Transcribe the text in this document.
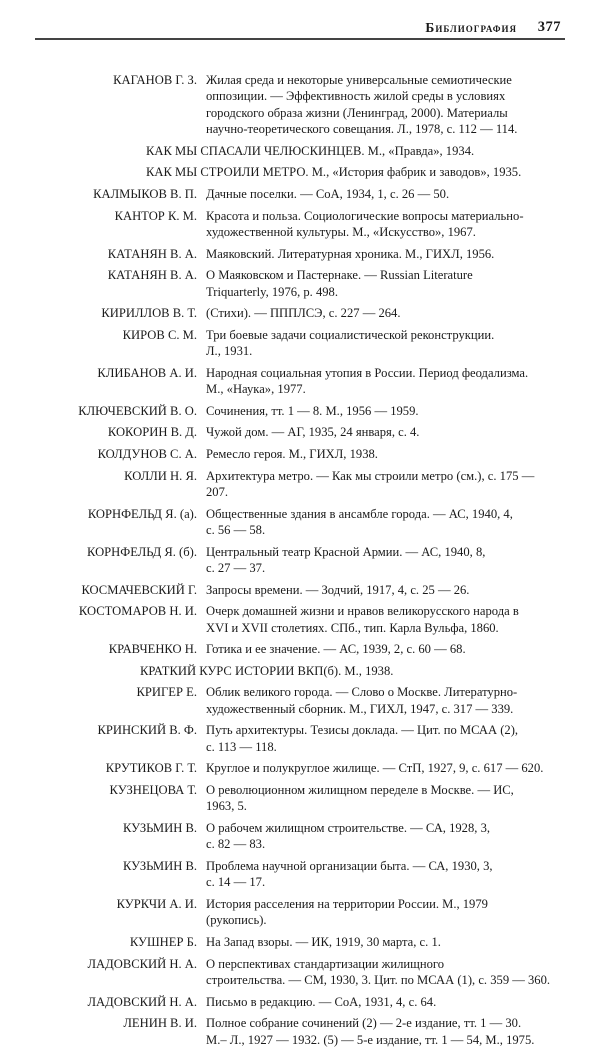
Библиография 377
КАГАНОВ Г. З. Жилая среда и некоторые универсальные семиотические
оппозиции. — Эффективность жилой среды в условиях
городского образа жизни (Ленинград, 2000). Материалы
научно-теоретического совещания. Л., 1978, с. 112 — 114.
КАК МЫ СПАСАЛИ ЧЕЛЮСКИНЦЕВ. М., «Правда», 1934.
КАК МЫ СТРОИЛИ МЕТРО. М., «История фабрик и заводов», 1935.
КАЛМЫКОВ В. П. Дачные поселки. — СоА, 1934, 1, с. 26 — 50.
КАНТОР К. М. Красота и польза. Социологические вопросы материально-
художественной культуры. М., «Искусство», 1967.
КАТАНЯН В. А. Маяковский. Литературная хроника. М., ГИХЛ, 1956.
КАТАНЯН В. А. О Маяковском и Пастернаке. — Russian Literature
Triquarterly, 1976, p. 498.
КИРИЛЛОВ В. Т. (Стихи). — ПППЛСЭ, с. 227 — 264.
КИРОВ С. М. Три боевые задачи социалистической реконструкции.
Л., 1931.
КЛИБАНОВ А. И. Народная социальная утопия в России. Период феодализма.
М., «Наука», 1977.
КЛЮЧЕВСКИЙ В. О. Сочинения, тт. 1 — 8. М., 1956 — 1959.
КОКОРИН В. Д. Чужой дом. — АГ, 1935, 24 января, с. 4.
КОЛДУНОВ С. А. Ремесло героя. М., ГИХЛ, 1938.
КОЛЛИ Н. Я. Архитектура метро. — Как мы строили метро (см.), с. 175 —
207.
КОРНФЕЛЬД Я. (а). Общественные здания в ансамбле города. — АС, 1940, 4,
с. 56 — 58.
КОРНФЕЛЬД Я. (б). Центральный театр Красной Армии. — АС, 1940, 8,
с. 27 — 37.
КОСМАЧЕВСКИЙ Г. Запросы времени. — Зодчий, 1917, 4, с. 25 — 26.
КОСТОМАРОВ Н. И. Очерк домашней жизни и нравов великорусского народа в
XVI и XVII столетиях. СПб., тип. Карла Вульфа, 1860.
КРАВЧЕНКО Н. Готика и ее значение. — АС, 1939, 2, с. 60 — 68.
КРАТКИЙ КУРС ИСТОРИИ ВКП(б). М., 1938.
КРИГЕР Е. Облик великого города. — Слово о Москве. Литературно-
художественный сборник. М., ГИХЛ, 1947, с. 317 — 339.
КРИНСКИЙ В. Ф. Путь архитектуры. Тезисы доклада. — Цит. по МСАА (2),
с. 113 — 118.
КРУТИКОВ Г. Т. Круглое и полукруглое жилище. — СтП, 1927, 9, с. 617 — 620.
КУЗНЕЦОВА Т. О революционном жилищном переделе в Москве. — ИС,
1963, 5.
КУЗЬМИН В. О рабочем жилищном строительстве. — СА, 1928, 3,
с. 82 — 83.
КУЗЬМИН В. Проблема научной организации быта. — СА, 1930, 3,
с. 14 — 17.
КУРКЧИ А. И. История расселения на территории России. М., 1979
(рукопись).
КУШНЕР Б. На Запад взоры. — ИК, 1919, 30 марта, с. 1.
ЛАДОВСКИЙ Н. А. О перспективах стандартизации жилищного
строительства. — СМ, 1930, 3. Цит. по МСАА (1), с. 359 — 360.
ЛАДОВСКИЙ Н. А. Письмо в редакцию. — СоА, 1931, 4, с. 64.
ЛЕНИН В. И. Полное собрание сочинений (2) — 2-е издание, тт. 1 — 30.
М.– Л., 1927 — 1932. (5) — 5-е издание, тт. 1 — 54, М., 1975.
